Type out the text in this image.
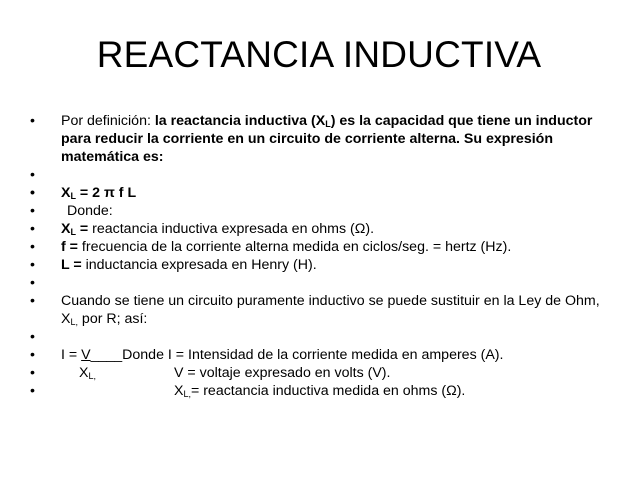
REACTANCIA INDUCTIVA
• Por definición: la reactancia inductiva $(X_L)$ es la capacidad que tiene un inductor para reducir la corriente en un circuito de corriente alterna. Su expresión matemática es:
•
• $X_L = 2$ π f L
• Donde:
• $X_L$ = reactancia inductiva expresada en ohms (Ω).
• f = frecuencia de la corriente alterna medida en ciclos/seg. = hertz (Hz).
• L = inductancia expresada en Henry (H).
•
• Cuando se tiene un circuito puramente inductivo se puede sustituir en la Ley de Ohm, $X_{L,}$ por R; así:
•
• I = V____Donde I = Intensidad de la corriente medida en amperes (A).
• $X_{L,}$	V = voltaje expresado en volts (V).
• $X_{L,}=$ reactancia inductiva medida en ohms (Ω).
